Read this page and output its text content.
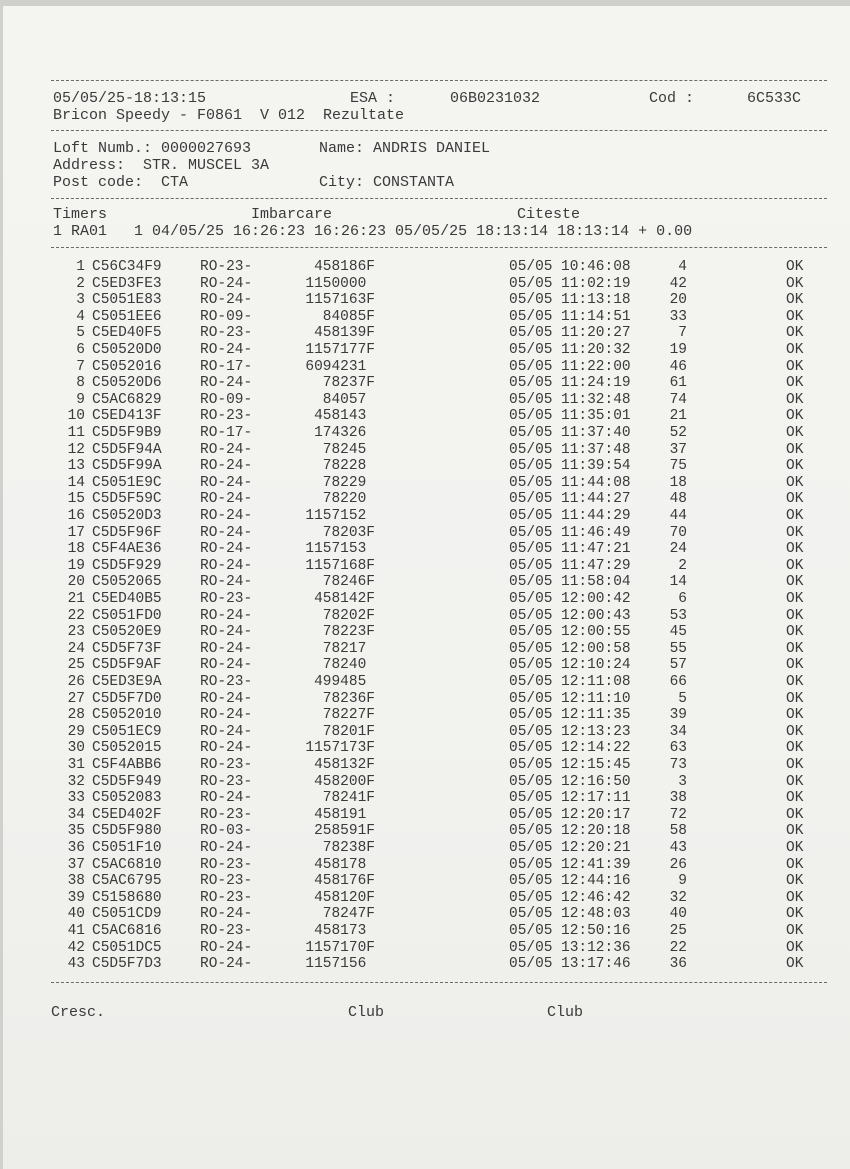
05/05/25-18:13:15	ESA :	06B0231032	Cod :	6C533C
Bricon Speedy - F0861  V 012  Rezultate
Loft Numb.: 0000027693	Name: ANDRIS DANIEL
Address:  STR. MUSCEL 3A
Post code:  CTA	City: CONSTANTA
Timers	Imbarcare	Citeste
1 RA01   1 04/05/25 16:26:23 16:26:23 05/05/25 18:13:14 18:13:14 + 0.00
1 C56C34F9	RO-23-	458186F	05/05 10:46:08	4	OK
2 C5ED3FE3	RO-24-	1150000	05/05 11:02:19	42	OK
3 C5051E83	RO-24-	1157163F	05/05 11:13:18	20	OK
4 C5051EE6	RO-09-	84085F	05/05 11:14:51	33	OK
5 C5ED40F5	RO-23-	458139F	05/05 11:20:27	7	OK
6 C50520D0	RO-24-	1157177F	05/05 11:20:32	19	OK
7 C5052016	RO-17-	6094231	05/05 11:22:00	46	OK
8 C50520D6	RO-24-	78237F	05/05 11:24:19	61	OK
9 C5AC6829	RO-09-	84057	05/05 11:32:48	74	OK
10 C5ED413F	RO-23-	458143	05/05 11:35:01	21	OK
11 C5D5F9B9	RO-17-	174326	05/05 11:37:40	52	OK
12 C5D5F94A	RO-24-	78245	05/05 11:37:48	37	OK
13 C5D5F99A	RO-24-	78228	05/05 11:39:54	75	OK
14 C5051E9C	RO-24-	78229	05/05 11:44:08	18	OK
15 C5D5F59C	RO-24-	78220	05/05 11:44:27	48	OK
16 C50520D3	RO-24-	1157152	05/05 11:44:29	44	OK
17 C5D5F96F	RO-24-	78203F	05/05 11:46:49	70	OK
18 C5F4AE36	RO-24-	1157153	05/05 11:47:21	24	OK
19 C5D5F929	RO-24-	1157168F	05/05 11:47:29	2	OK
20 C5052065	RO-24-	78246F	05/05 11:58:04	14	OK
21 C5ED40B5	RO-23-	458142F	05/05 12:00:42	6	OK
22 C5051FD0	RO-24-	78202F	05/05 12:00:43	53	OK
23 C50520E9	RO-24-	78223F	05/05 12:00:55	45	OK
24 C5D5F73F	RO-24-	78217	05/05 12:00:58	55	OK
25 C5D5F9AF	RO-24-	78240	05/05 12:10:24	57	OK
26 C5ED3E9A	RO-23-	499485	05/05 12:11:08	66	OK
27 C5D5F7D0	RO-24-	78236F	05/05 12:11:10	5	OK
28 C5052010	RO-24-	78227F	05/05 12:11:35	39	OK
29 C5051EC9	RO-24-	78201F	05/05 12:13:23	34	OK
30 C5052015	RO-24-	1157173F	05/05 12:14:22	63	OK
31 C5F4ABB6	RO-23-	458132F	05/05 12:15:45	73	OK
32 C5D5F949	RO-23-	458200F	05/05 12:16:50	3	OK
33 C5052083	RO-24-	78241F	05/05 12:17:11	38	OK
34 C5ED402F	RO-23-	458191	05/05 12:20:17	72	OK
35 C5D5F980	RO-03-	258591F	05/05 12:20:18	58	OK
36 C5051F10	RO-24-	78238F	05/05 12:20:21	43	OK
37 C5AC6810	RO-23-	458178	05/05 12:41:39	26	OK
38 C5AC6795	RO-23-	458176F	05/05 12:44:16	9	OK
39 C5158680	RO-23-	458120F	05/05 12:46:42	32	OK
40 C5051CD9	RO-24-	78247F	05/05 12:48:03	40	OK
41 C5AC6816	RO-23-	458173	05/05 12:50:16	25	OK
42 C5051DC5	RO-24-	1157170F	05/05 13:12:36	22	OK
43 C5D5F7D3	RO-24-	1157156	05/05 13:17:46	36	OK
Cresc.	Club	Club
